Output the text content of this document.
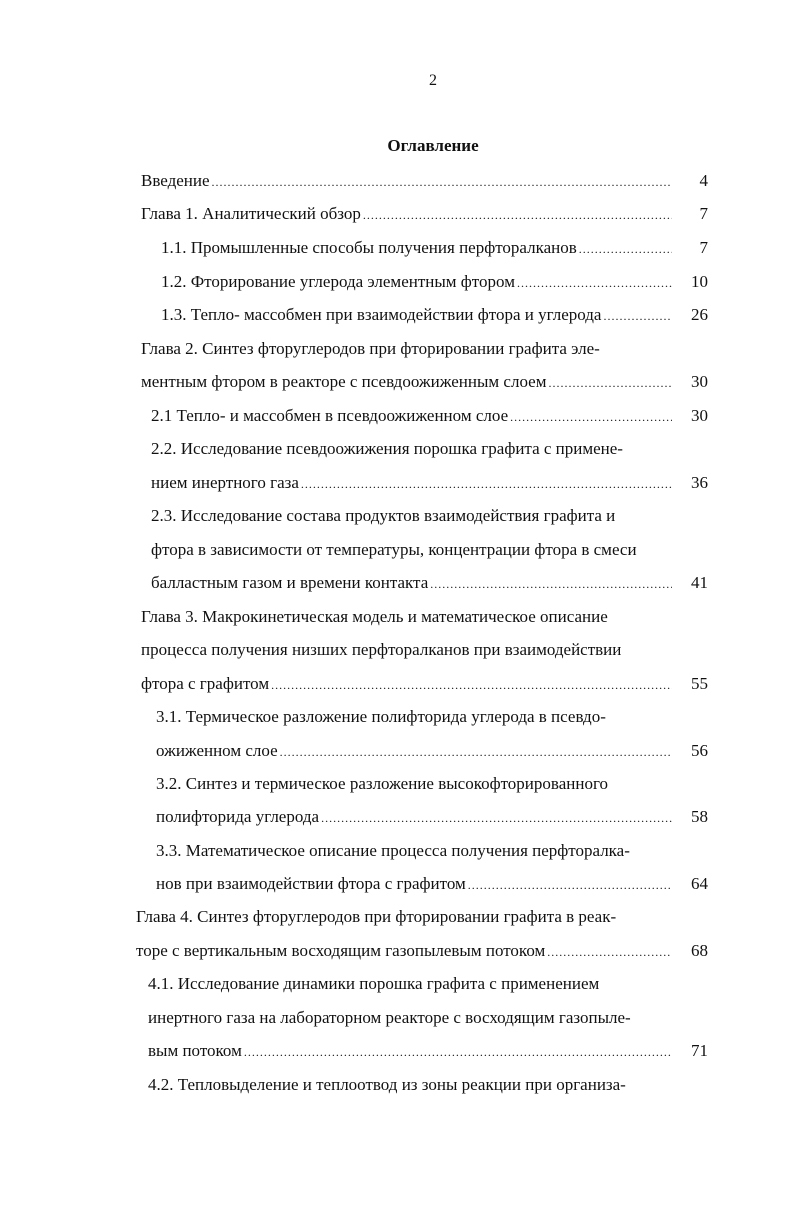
2
Оглавление
Введение .....	4
Глава 1. Аналитический обзор .....	7
1.1. Промышленные способы получения перфторалканов .....	7
1.2. Фторирование углерода элементным фтором .....	10
1.3. Тепло- массобмен при взаимодействии фтора и углерода .....	26
Глава 2. Синтез фторуглеродов при фторировании графита эле-
ментным фтором в реакторе с псевдоожиженным слоем .....	30
2.1 Тепло- и массобмен в псевдоожиженном слое .....	30
2.2. Исследование псевдоожижения порошка графита с примене-
нием инертного газа .....	36
2.3. Исследование состава продуктов взаимодействия графита и
фтора в зависимости от температуры, концентрации фтора в смеси
балластным газом и времени контакта .....	41
Глава 3. Макрокинетическая модель и математическое описание
процесса получения низших перфторалканов при взаимодействии
фтора с графитом .....	55
3.1. Термическое разложение полифторида углерода в псевдо-
ожиженном слое .....	56
3.2. Синтез и термическое разложение высокофторированного
полифторида углерода .....	58
3.3. Математическое описание процесса получения перфторалка-
нов при взаимодействии фтора с графитом .....	64
Глава 4. Синтез фторуглеродов при фторировании графита в реак-
торе с вертикальным восходящим газопылевым потоком .....	68
4.1. Исследование динамики порошка графита с применением
инертного газа на лабораторном реакторе с восходящим газопыле-
вым потоком .....	71
4.2. Тепловыделение и теплоотвод из зоны реакции при организа-
